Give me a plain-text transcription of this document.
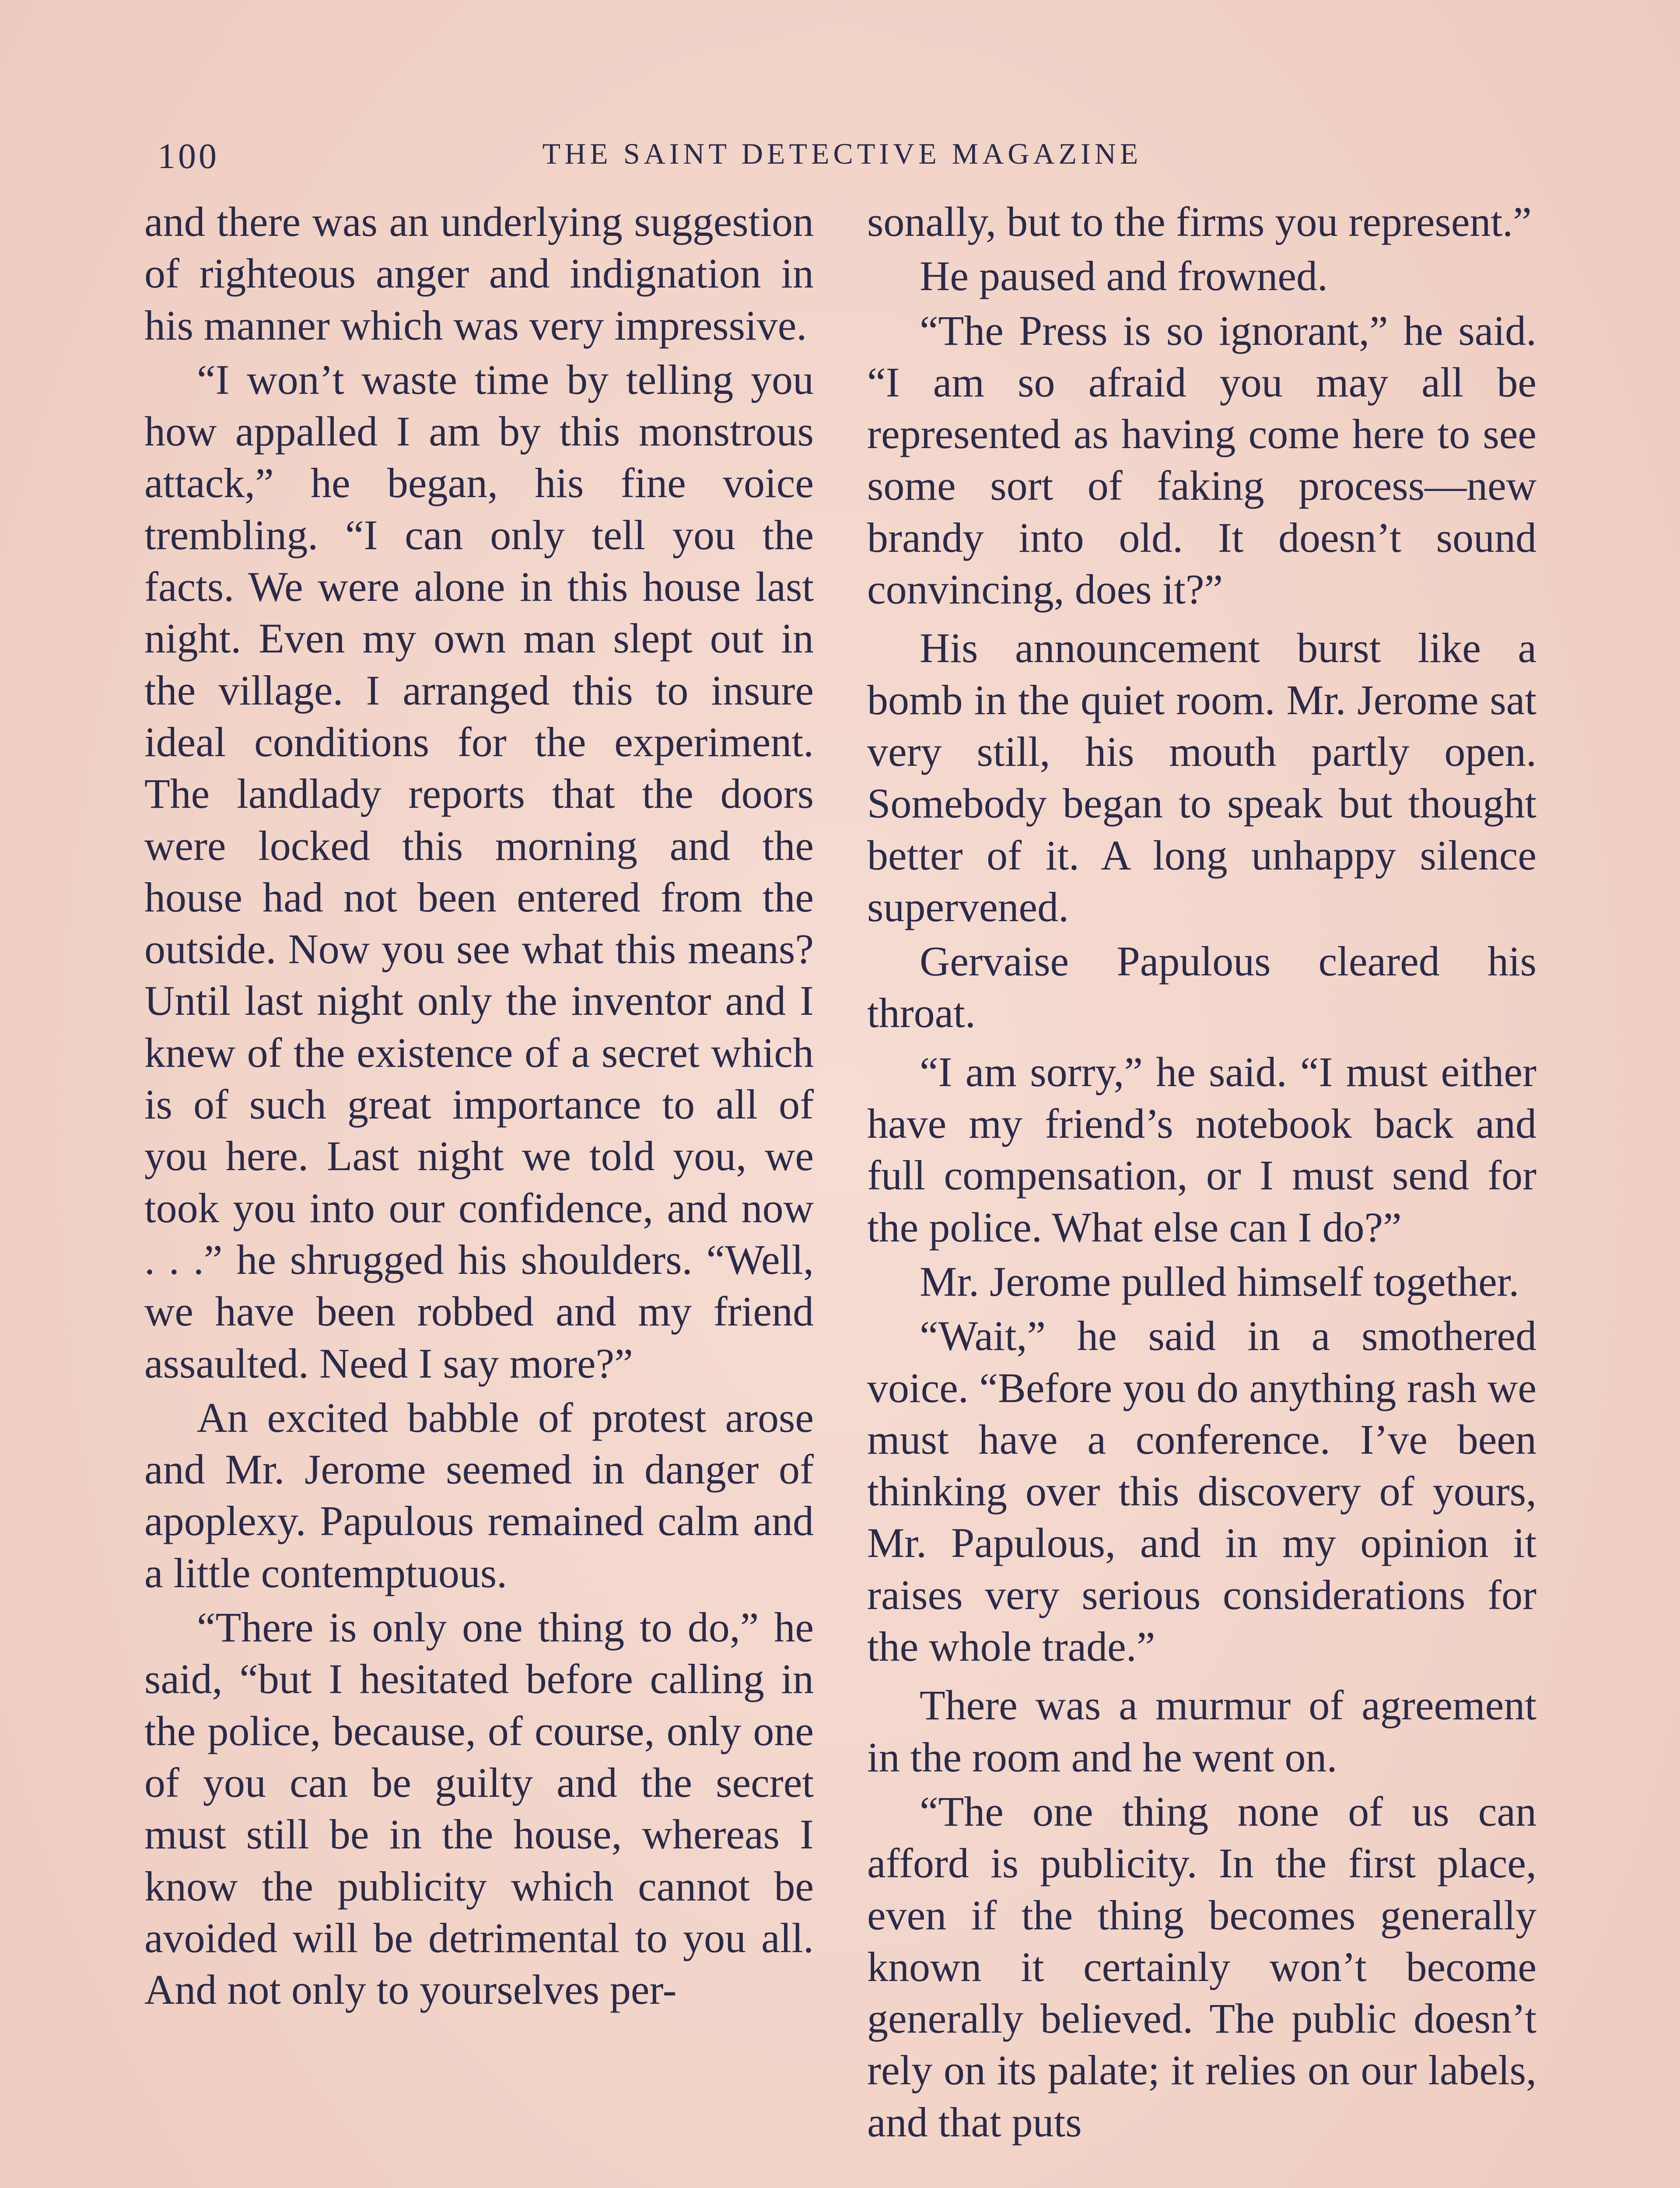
100	THE SAINT DETECTIVE MAGAZINE

and there was an underlying suggestion of righteous anger and indignation in his manner which was very impressive.

“I won’t waste time by telling you how appalled I am by this monstrous attack,” he began, his fine voice trembling. “I can only tell you the facts. We were alone in this house last night. Even my own man slept out in the village. I arranged this to insure ideal conditions for the experiment. The landlady reports that the doors were locked this morning and the house had not been entered from the outside. Now you see what this means? Until last night only the inventor and I knew of the existence of a secret which is of such great importance to all of you here. Last night we told you, we took you into our confidence, and now . . .” he shrugged his shoulders. “Well, we have been robbed and my friend assaulted. Need I say more?”

An excited babble of protest arose and Mr. Jerome seemed in danger of apoplexy. Papulous remained calm and a little contemptuous.

“There is only one thing to do,” he said, “but I hesitated before calling in the police, because, of course, only one of you can be guilty and the secret must still be in the house, whereas I know the publicity which cannot be avoided will be detrimental to you all. And not only to yourselves per-

sonally, but to the firms you represent.”

He paused and frowned.

“The Press is so ignorant,” he said. “I am so afraid you may all be represented as having come here to see some sort of faking process—new brandy into old. It doesn’t sound convincing, does it?”

His announcement burst like a bomb in the quiet room. Mr. Jerome sat very still, his mouth partly open. Somebody began to speak but thought better of it. A long unhappy silence supervened.

Gervaise Papulous cleared his throat.

“I am sorry,” he said. “I must either have my friend’s notebook back and full compensation, or I must send for the police. What else can I do?”

Mr. Jerome pulled himself together.

“Wait,” he said in a smothered voice. “Before you do anything rash we must have a conference. I’ve been thinking over this discovery of yours, Mr. Papulous, and in my opinion it raises very serious considerations for the whole trade.”

There was a murmur of agreement in the room and he went on.

“The one thing none of us can afford is publicity. In the first place, even if the thing becomes generally known it certainly won’t become generally believed. The public doesn’t rely on its palate; it relies on our labels, and that puts
